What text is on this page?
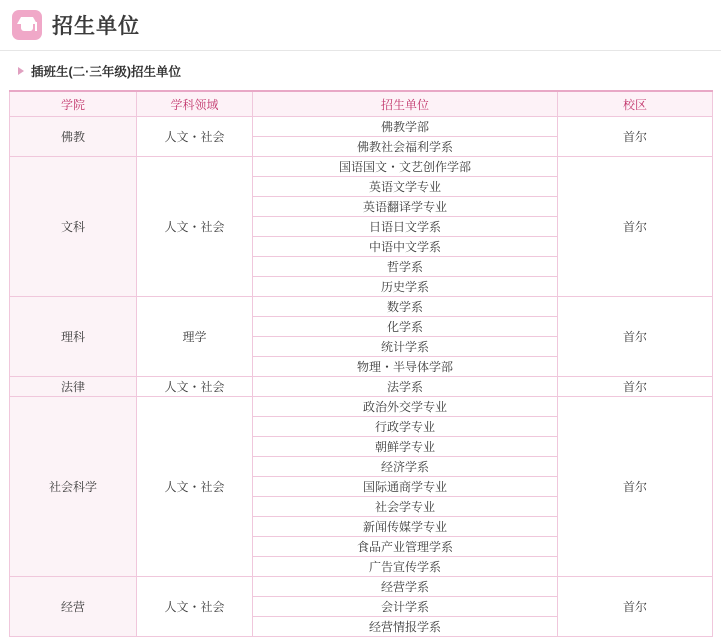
招生单位
插班生(二·三年级)招生单位
学院	学科领域	招生单位	校区
佛教	人文・社会	佛教学部	首尔
		佛教社会福利学系	
文科	人文・社会	国语国文・文艺创作学部	首尔
		英语文学专业	
		英语翻译学专业	
		日语日文学系	
		中语中文学系	
		哲学系	
		历史学系	
理科	理学	数学系	首尔
		化学系	
		统计学系	
		物理・半导体学部	
法律	人文・社会	法学系	首尔
社会科学	人文・社会	政治外交学专业	首尔
		行政学专业	
		朝鲜学专业	
		经济学系	
		国际通商学专业	
		社会学专业	
		新闻传媒学专业	
		食品产业管理学系	
		广告宣传学系	
经营	人文・社会	经营学系	首尔
		会计学系	
		经营情报学系	
